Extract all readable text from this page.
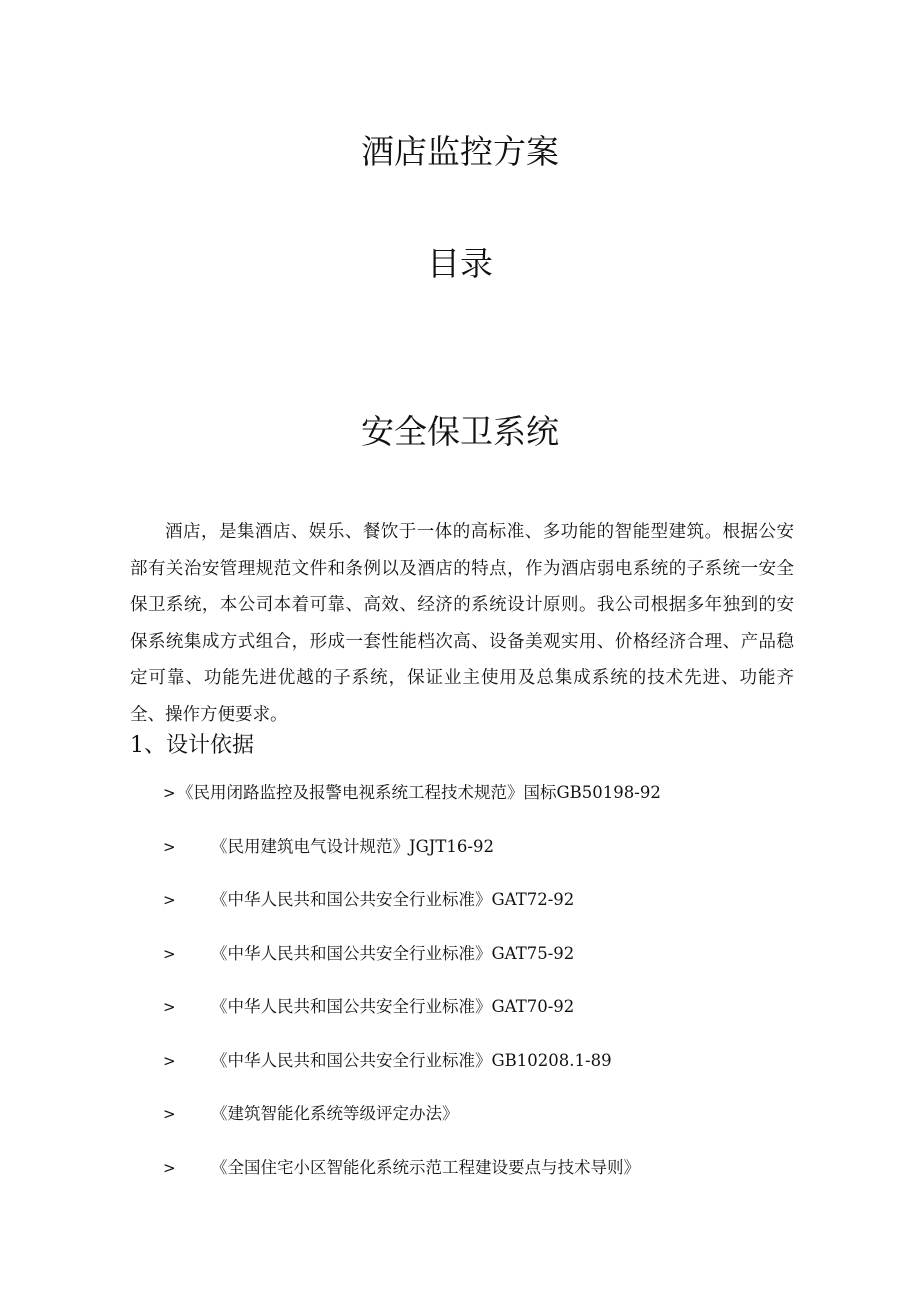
酒店监控方案
目录
安全保卫系统

酒店，是集酒店、娱乐、餐饮于一体的高标准、多功能的智能型建筑。根据公安部有关治安管理规范文件和条例以及酒店的特点，作为酒店弱电系统的子系统一安全保卫系统，本公司本着可靠、高效、经济的系统设计原则。我公司根据多年独到的安保系统集成方式组合，形成一套性能档次高、设备美观实用、价格经济合理、产品稳定可靠、功能先进优越的子系统，保证业主使用及总集成系统的技术先进、功能齐全、操作方便要求。

1、设计依据
>《民用闭路监控及报警电视系统工程技术规范》国标GB50198-92
> 《民用建筑电气设计规范》JGJT16-92
> 《中华人民共和国公共安全行业标准》GAT72-92
> 《中华人民共和国公共安全行业标准》GAT75-92
> 《中华人民共和国公共安全行业标准》GAT70-92
> 《中华人民共和国公共安全行业标准》GB10208.1-89
> 《建筑智能化系统等级评定办法》
> 《全国住宅小区智能化系统示范工程建设要点与技术导则》
